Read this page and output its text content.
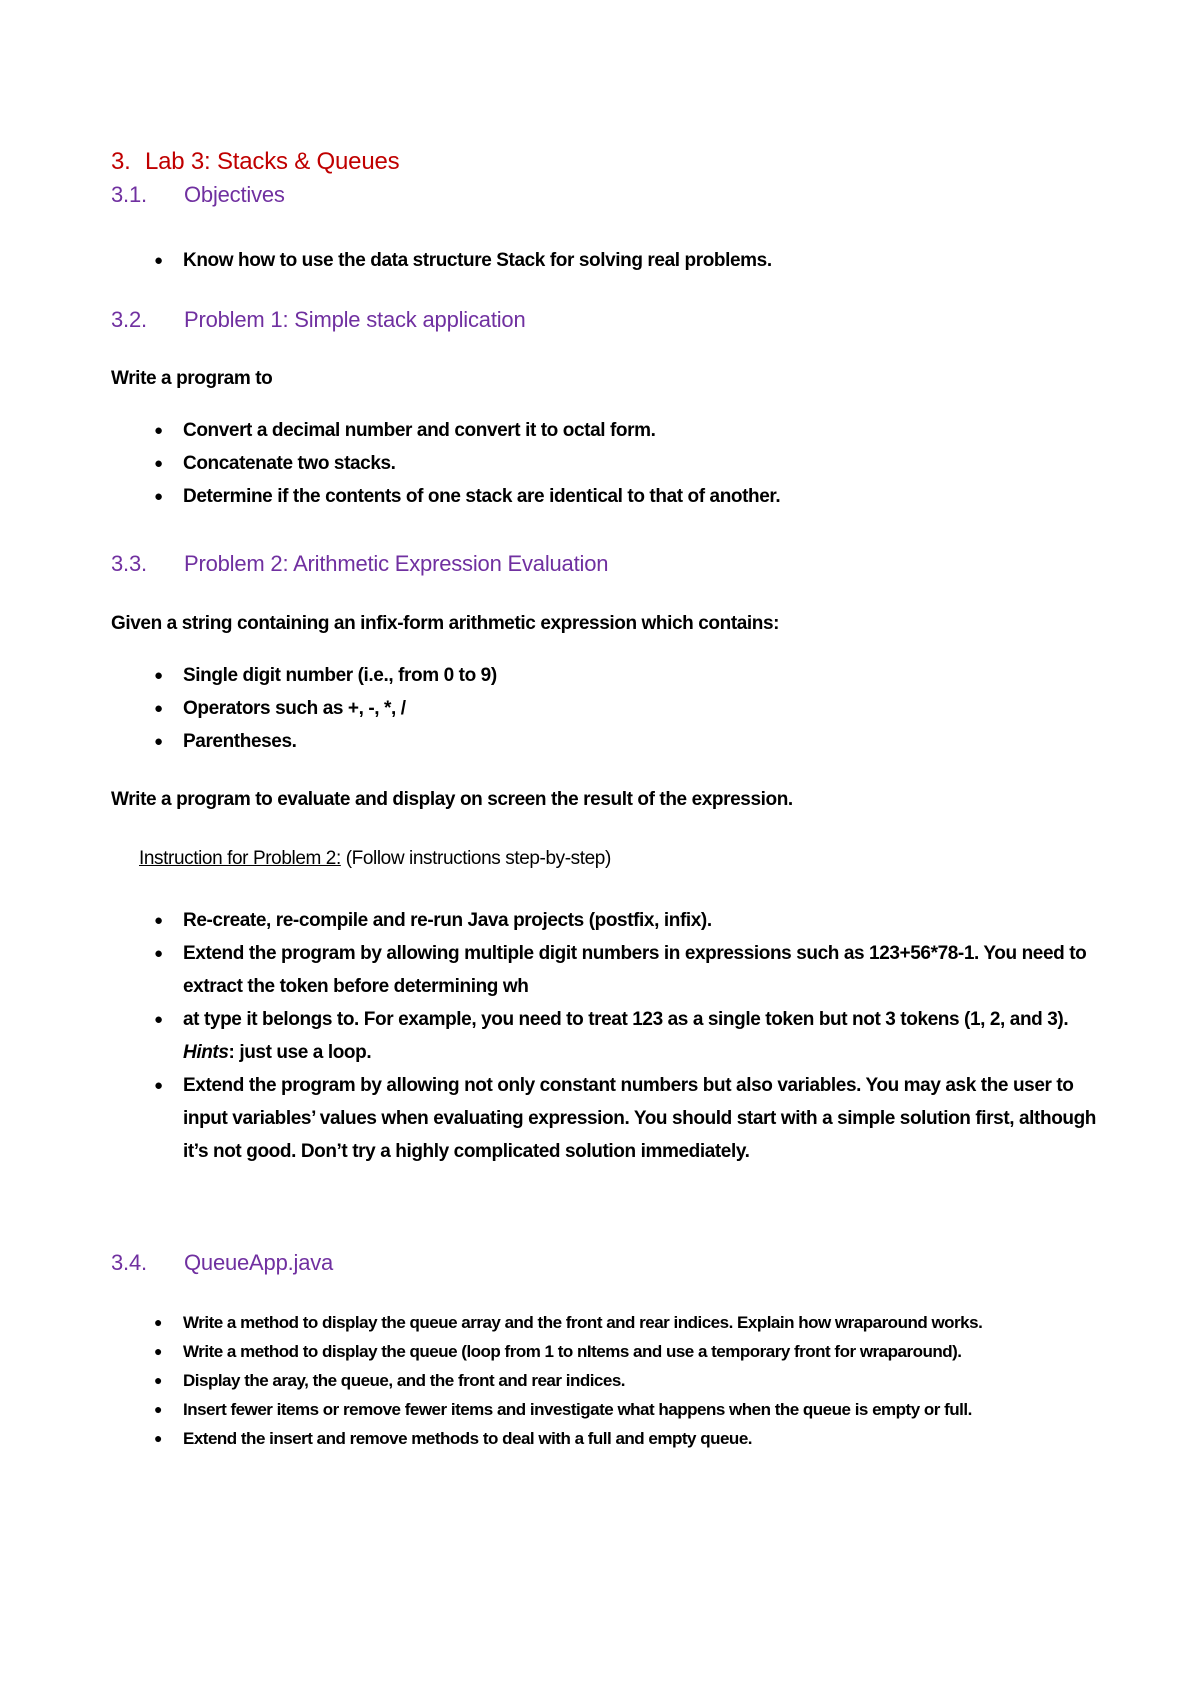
3. Lab 3: Stacks & Queues
3.1. Objectives
● Know how to use the data structure Stack for solving real problems.
3.2. Problem 1: Simple stack application
Write a program to
● Convert a decimal number and convert it to octal form.
● Concatenate two stacks.
● Determine if the contents of one stack are identical to that of another.
3.3. Problem 2: Arithmetic Expression Evaluation
Given a string containing an infix-form arithmetic expression which contains:
● Single digit number (i.e., from 0 to 9)
● Operators such as +, -, *, /
● Parentheses.
Write a program to evaluate and display on screen the result of the expression.
Instruction for Problem 2: (Follow instructions step-by-step)
● Re-create, re-compile and re-run Java projects (postfix, infix).
● Extend the program by allowing multiple digit numbers in expressions such as 123+56*78-1. You need to extract the token before determining wh
● at type it belongs to. For example, you need to treat 123 as a single token but not 3 tokens (1, 2, and 3). Hints: just use a loop.
● Extend the program by allowing not only constant numbers but also variables. You may ask the user to input variables’ values when evaluating expression. You should start with a simple solution first, although it’s not good. Don’t try a highly complicated solution immediately.
3.4. QueueApp.java
● Write a method to display the queue array and the front and rear indices. Explain how wraparound works.
● Write a method to display the queue (loop from 1 to nItems and use a temporary front for wraparound).
● Display the aray, the queue, and the front and rear indices.
● Insert fewer items or remove fewer items and investigate what happens when the queue is empty or full.
● Extend the insert and remove methods to deal with a full and empty queue.
